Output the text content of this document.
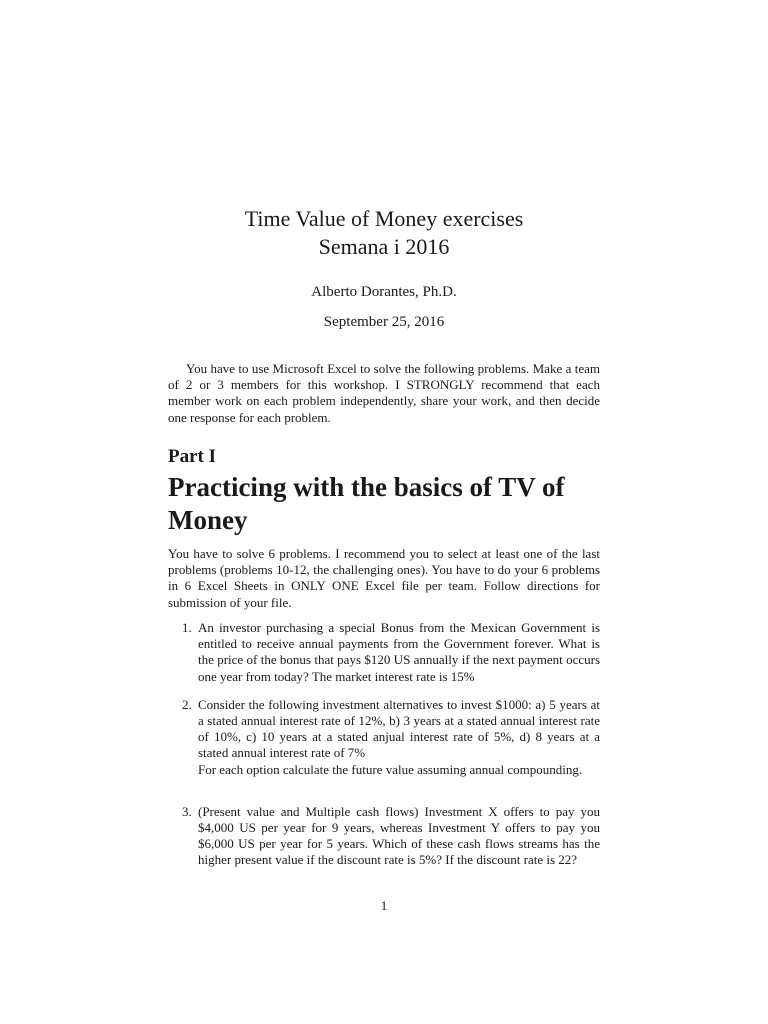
Time Value of Money exercises
Semana i 2016
Alberto Dorantes, Ph.D.
September 25, 2016

You have to use Microsoft Excel to solve the following problems. Make a team of 2 or 3 members for this workshop. I STRONGLY recommend that each member work on each problem independently, share your work, and then decide one response for each problem.

Part I
Practicing with the basics of TV of Money

You have to solve 6 problems. I recommend you to select at least one of the last problems (problems 10-12, the challenging ones). You have to do your 6 problems in 6 Excel Sheets in ONLY ONE Excel file per team. Follow directions for submission of your file.

1. An investor purchasing a special Bonus from the Mexican Government is entitled to receive annual payments from the Government forever. What is the price of the bonus that pays $120 US annually if the next payment occurs one year from today? The market interest rate is 15%
2. Consider the following investment alternatives to invest $1000: a) 5 years at a stated annual interest rate of 12%, b) 3 years at a stated annual interest rate of 10%, c) 10 years at a stated anjual interest rate of 5%, d) 8 years at a stated annual interest rate of 7%
For each option calculate the future value assuming annual compounding.
3. (Present value and Multiple cash flows) Investment X offers to pay you $4,000 US per year for 9 years, whereas Investment Y offers to pay you $6,000 US per year for 5 years. Which of these cash flows streams has the higher present value if the discount rate is 5%? If the discount rate is 22?
1
